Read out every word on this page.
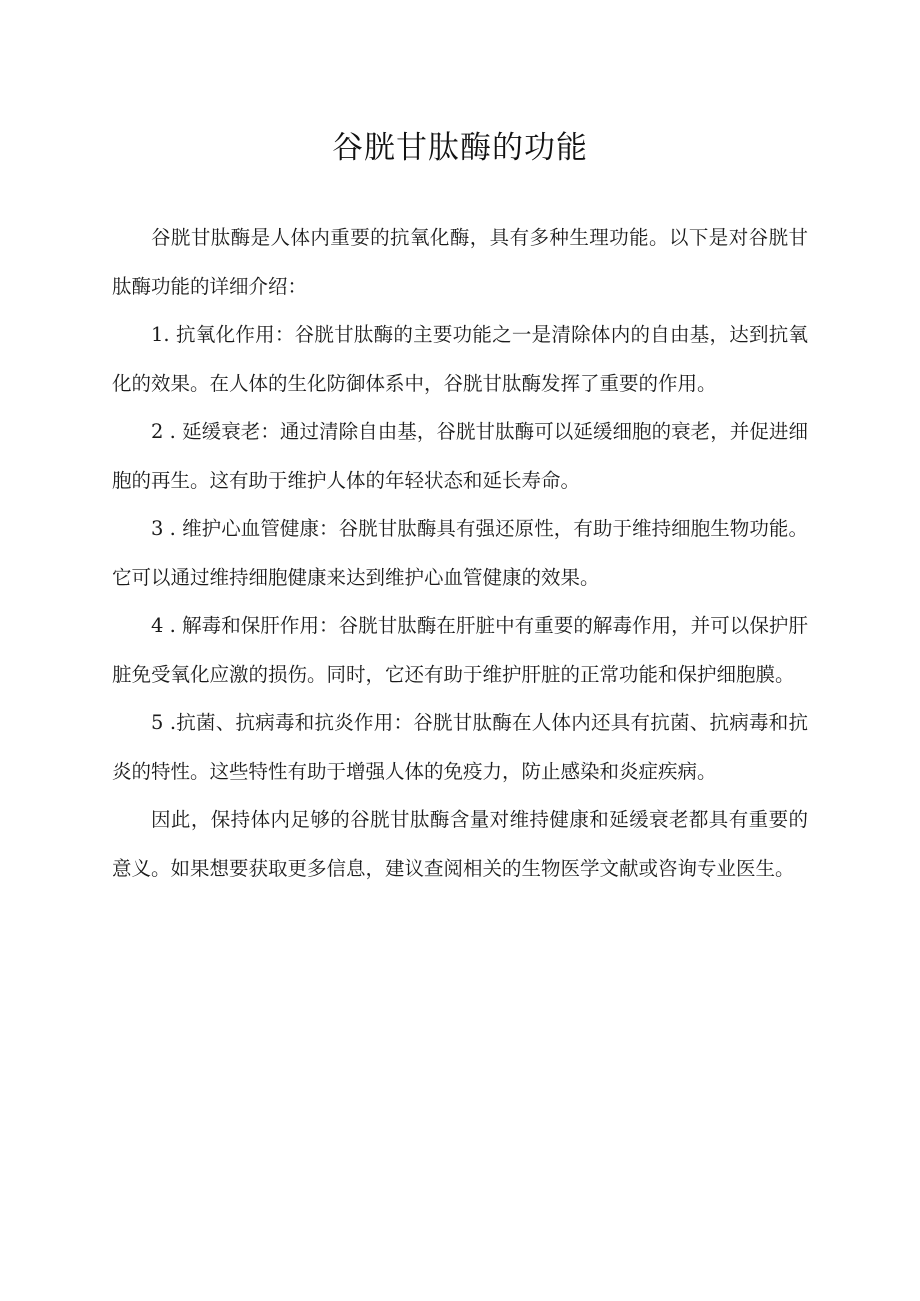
谷胱甘肽酶的功能

谷胱甘肽酶是人体内重要的抗氧化酶，具有多种生理功能。以下是对谷胱甘肽酶功能的详细介绍：

1. 抗氧化作用：谷胱甘肽酶的主要功能之一是清除体内的自由基，达到抗氧化的效果。在人体的生化防御体系中，谷胱甘肽酶发挥了重要的作用。

2 . 延缓衰老：通过清除自由基，谷胱甘肽酶可以延缓细胞的衰老，并促进细胞的再生。这有助于维护人体的年轻状态和延长寿命。

3 . 维护心血管健康：谷胱甘肽酶具有强还原性，有助于维持细胞生物功能。它可以通过维持细胞健康来达到维护心血管健康的效果。

4 . 解毒和保肝作用：谷胱甘肽酶在肝脏中有重要的解毒作用，并可以保护肝脏免受氧化应激的损伤。同时，它还有助于维护肝脏的正常功能和保护细胞膜。

5 .抗菌、抗病毒和抗炎作用：谷胱甘肽酶在人体内还具有抗菌、抗病毒和抗炎的特性。这些特性有助于增强人体的免疫力，防止感染和炎症疾病。

因此，保持体内足够的谷胱甘肽酶含量对维持健康和延缓衰老都具有重要的意义。如果想要获取更多信息，建议查阅相关的生物医学文献或咨询专业医生。
